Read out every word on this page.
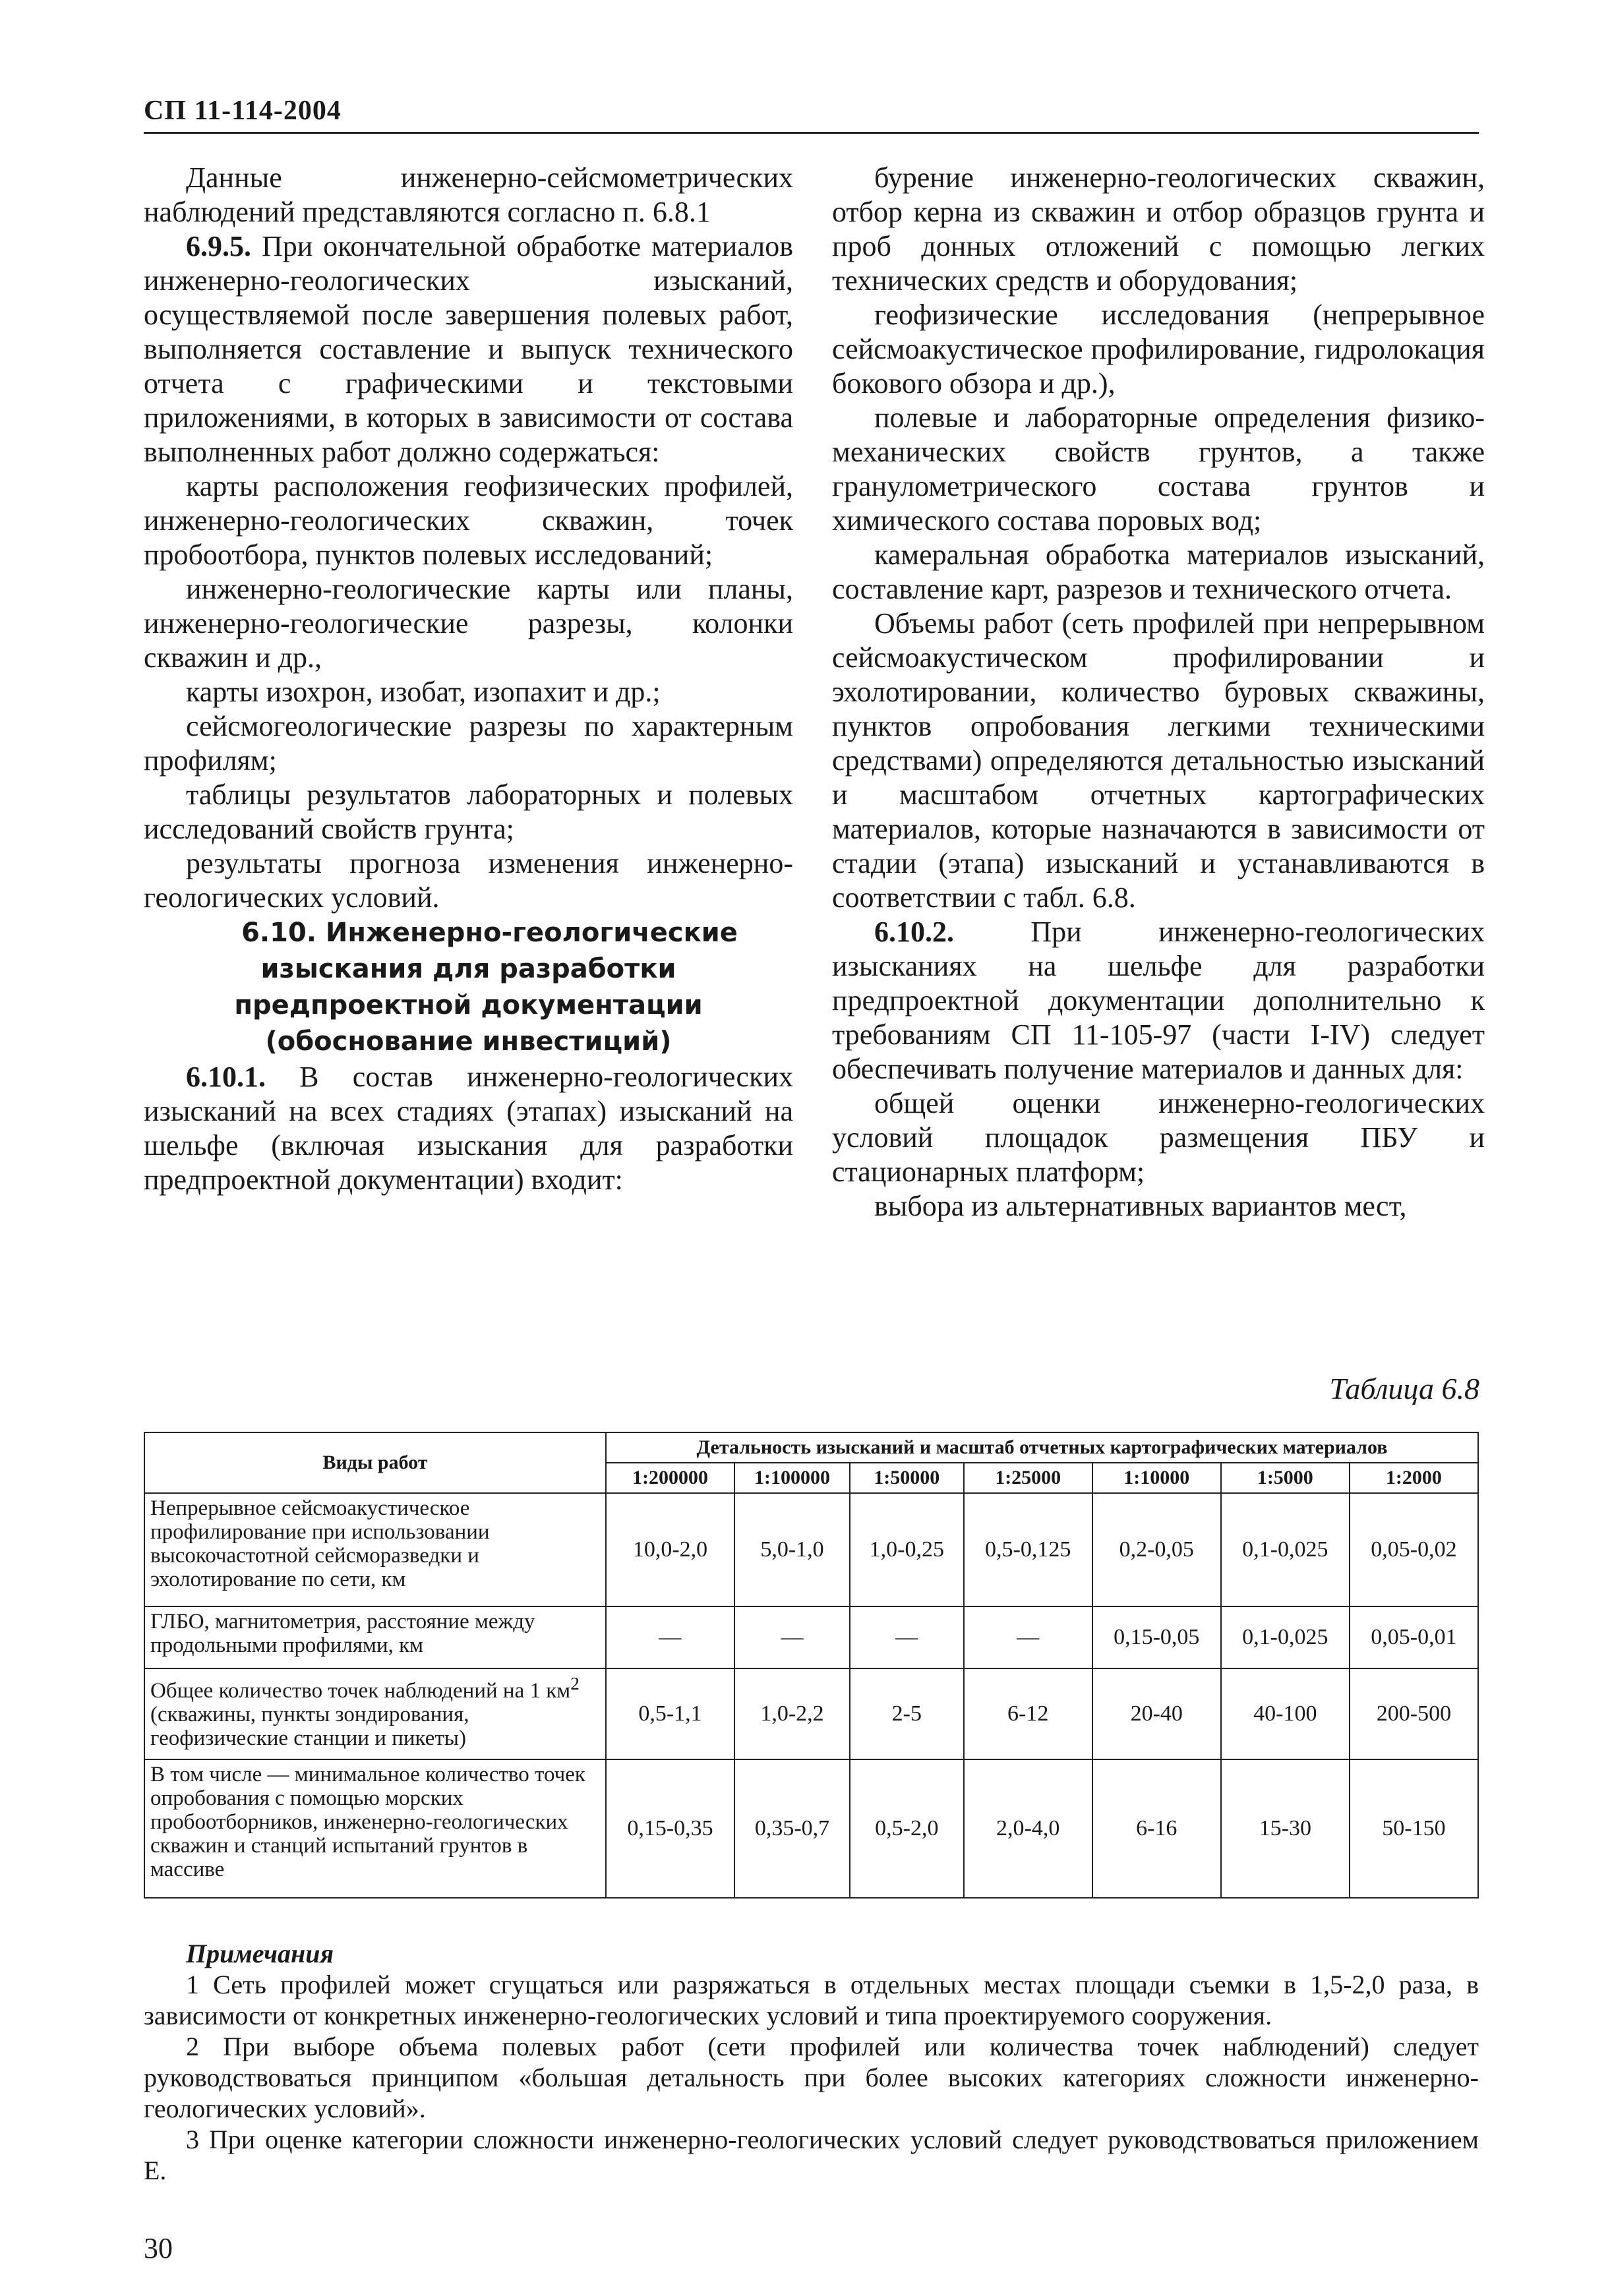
СП 11-114-2004

Данные инженерно-сейсмометрических наблюдений представляются согласно п. 6.8.1

6.9.5. При окончательной обработке материалов инженерно-геологических изысканий, осуществляемой после завершения полевых работ, выполняется составление и выпуск технического отчета с графическими и текстовыми приложениями, в которых в зависимости от состава выполненных работ должно содержаться:

карты расположения геофизических профилей, инженерно-геологических скважин, точек пробоотбора, пунктов полевых исследований;

инженерно-геологические карты или планы, инженерно-геологические разрезы, колонки скважин и др.,

карты изохрон, изобат, изопахит и др.;

сейсмогеологические разрезы по характерным профилям;

таблицы результатов лабораторных и полевых исследований свойств грунта;

результаты прогноза изменения инженерно-геологических условий.

6.10. Инженерно-геологические изыскания для разработки предпроектной документации (обоснование инвестиций)

6.10.1. В состав инженерно-геологических изысканий на всех стадиях (этапах) изысканий на шельфе (включая изыскания для разработки предпроектной документации) входит:

бурение инженерно-геологических скважин, отбор керна из скважин и отбор образцов грунта и проб донных отложений с помощью легких технических средств и оборудования;

геофизические исследования (непрерывное сейсмоакустическое профилирование, гидролокация бокового обзора и др.),

полевые и лабораторные определения физико-механических свойств грунтов, а также гранулометрического состава грунтов и химического состава поровых вод;

камеральная обработка материалов изысканий, составление карт, разрезов и технического отчета.

Объемы работ (сеть профилей при непрерывном сейсмоакустическом профилировании и эхолотировании, количество буровых скважины, пунктов опробования легкими техническими средствами) определяются детальностью изысканий и масштабом отчетных картографических материалов, которые назначаются в зависимости от стадии (этапа) изысканий и устанавливаются в соответствии с табл. 6.8.

6.10.2. При инженерно-геологических изысканиях на шельфе для разработки предпроектной документации дополнительно к требованиям СП 11-105-97 (части I-IV) следует обеспечивать получение материалов и данных для:

общей оценки инженерно-геологических условий площадок размещения ПБУ и стационарных платформ;

выбора из альтернативных вариантов мест,

Таблица 6.8
Виды работ	Детальность изысканий и масштаб отчетных картографических материалов						
	1:200000	1:100000	1:50000	1:25000	1:10000	1:5000	1:2000
Непрерывное сейсмоакустическое профилирование при использовании высокочастотной сейсморазведки и эхолотирование по сети, км	10,0-2,0	5,0-1,0	1,0-0,25	0,5-0,125	0,2-0,05	0,1-0,025	0,05-0,02
ГЛБО, магнитометрия, расстояние между продольными профилями, км	—	—	—	—	0,15-0,05	0,1-0,025	0,05-0,01
Общее количество точек наблюдений на 1 $км^2$ (скважины, пункты зондирования, геофизические станции и пикеты)	0,5-1,1	1,0-2,2	2-5	6-12	20-40	40-100	200-500
В том числе — минимальное количество точек опробования с помощью морских пробоотборников, инженерно-геологических скважин и станций испытаний грунтов в массиве	0,15-0,35	0,35-0,7	0,5-2,0	2,0-4,0	6-16	15-30	50-150

Примечания

1 Сеть профилей может сгущаться или разряжаться в отдельных местах площади съемки в 1,5-2,0 раза, в зависимости от конкретных инженерно-геологических условий и типа проектируемого сооружения.

2 При выборе объема полевых работ (сети профилей или количества точек наблюдений) следует руководствоваться принципом «большая детальность при более высоких категориях сложности инженерно-геологических условий».

3 При оценке категории сложности инженерно-геологических условий следует руководствоваться приложением Е.

30
